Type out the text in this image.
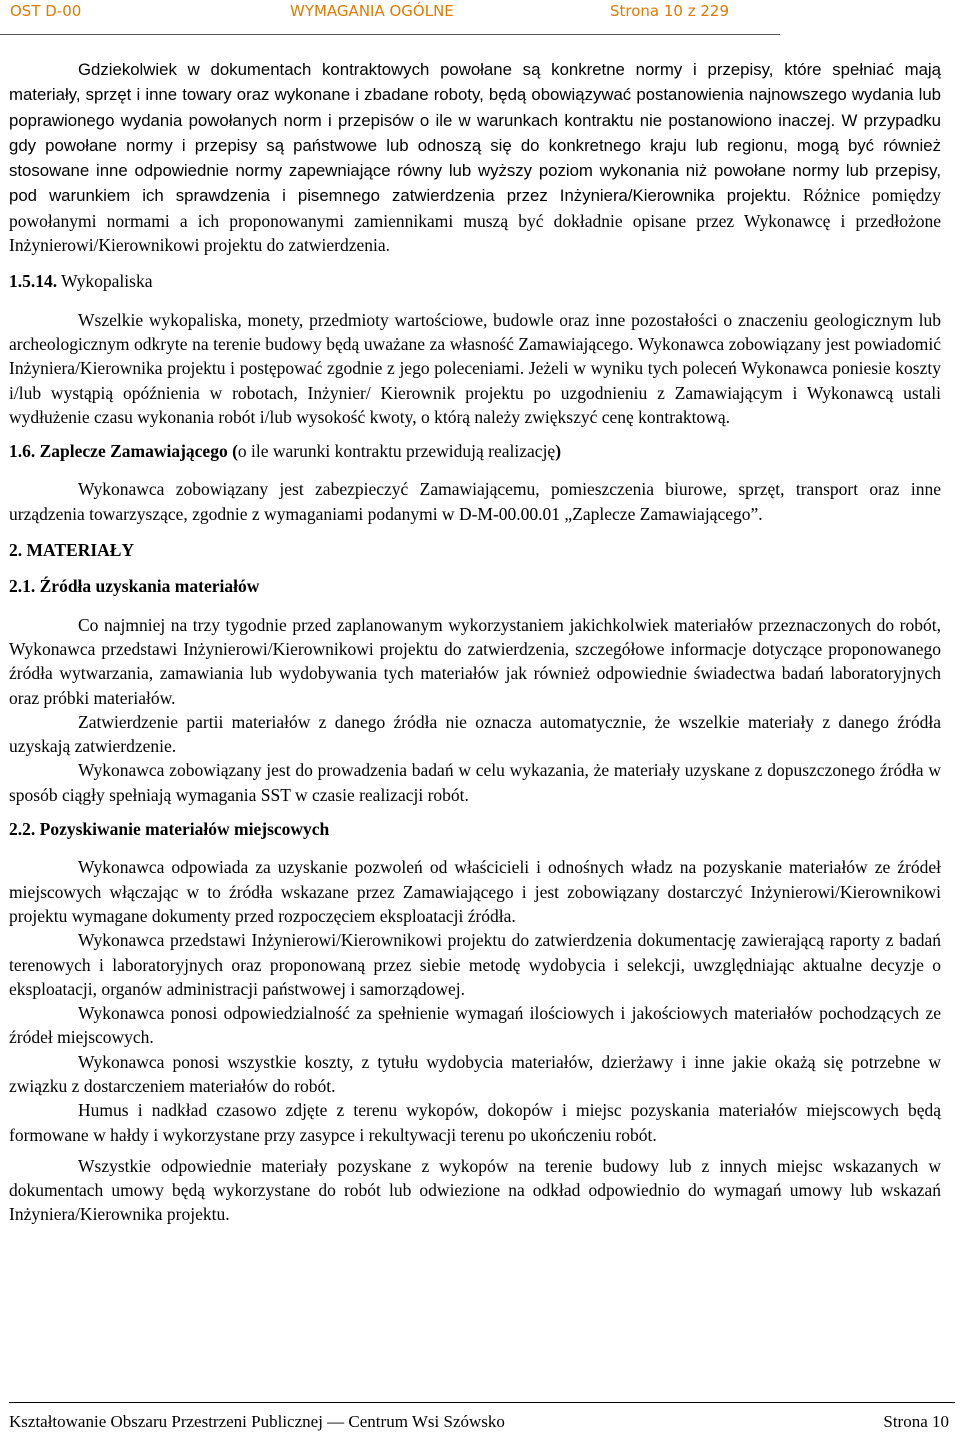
OST D-00	WYMAGANIA OGÓLNE	Strona 10 z 229

Gdziekolwiek w dokumentach kontraktowych powołane są konkretne normy i przepisy, które spełniać mają materiały, sprzęt i inne towary oraz wykonane i zbadane roboty, będą obowiązywać postanowienia najnowszego wydania lub poprawionego wydania powołanych norm i przepisów o ile w warunkach kontraktu nie postanowiono inaczej. W przypadku gdy powołane normy i przepisy są państwowe lub odnoszą się do konkretnego kraju lub regionu, mogą być również stosowane inne odpowiednie normy zapewniające równy lub wyższy poziom wykonania niż powołane normy lub przepisy, pod warunkiem ich sprawdzenia i pisemnego zatwierdzenia przez Inżyniera/Kierownika projektu. Różnice pomiędzy powołanymi normami a ich proponowanymi zamiennikami muszą być dokładnie opisane przez Wykonawcę i przedłożone Inżynierowi/Kierownikowi projektu do zatwierdzenia.

1.5.14. Wykopaliska

Wszelkie wykopaliska, monety, przedmioty wartościowe, budowle oraz inne pozostałości o znaczeniu geologicznym lub archeologicznym odkryte na terenie budowy będą uważane za własność Zamawiającego. Wykonawca zobowiązany jest powiadomić Inżyniera/Kierownika projektu i postępować zgodnie z jego poleceniami. Jeżeli w wyniku tych poleceń Wykonawca poniesie koszty i/lub wystąpią opóźnienia w robotach, Inżynier/ Kierownik projektu po uzgodnieniu z Zamawiającym i Wykonawcą ustali wydłużenie czasu wykonania robót i/lub wysokość kwoty, o którą należy zwiększyć cenę kontraktową.

1.6. Zaplecze Zamawiającego (o ile warunki kontraktu przewidują realizację)

Wykonawca zobowiązany jest zabezpieczyć Zamawiającemu, pomieszczenia biurowe, sprzęt, transport oraz inne urządzenia towarzyszące, zgodnie z wymaganiami podanymi w D-M-00.00.01 „Zaplecze Zamawiającego”.

2. MATERIAŁY

2.1. Źródła uzyskania materiałów

Co najmniej na trzy tygodnie przed zaplanowanym wykorzystaniem jakichkolwiek materiałów przeznaczonych do robót, Wykonawca przedstawi Inżynierowi/Kierownikowi projektu do zatwierdzenia, szczegółowe informacje dotyczące proponowanego źródła wytwarzania, zamawiania lub wydobywania tych materiałów jak również odpowiednie świadectwa badań laboratoryjnych oraz próbki materiałów.

Zatwierdzenie partii materiałów z danego źródła nie oznacza automatycznie, że wszelkie materiały z danego źródła uzyskają zatwierdzenie.

Wykonawca zobowiązany jest do prowadzenia badań w celu wykazania, że materiały uzyskane z dopuszczonego źródła w sposób ciągły spełniają wymagania SST w czasie realizacji robót.

2.2. Pozyskiwanie materiałów miejscowych

Wykonawca odpowiada za uzyskanie pozwoleń od właścicieli i odnośnych władz na pozyskanie materiałów ze źródeł miejscowych włączając w to źródła wskazane przez Zamawiającego i jest zobowiązany dostarczyć Inżynierowi/Kierownikowi projektu wymagane dokumenty przed rozpoczęciem eksploatacji źródła.

Wykonawca przedstawi Inżynierowi/Kierownikowi projektu do zatwierdzenia dokumentację zawierającą raporty z badań terenowych i laboratoryjnych oraz proponowaną przez siebie metodę wydobycia i selekcji, uwzględniając aktualne decyzje o eksploatacji, organów administracji państwowej i samorządowej.

Wykonawca ponosi odpowiedzialność za spełnienie wymagań ilościowych i jakościowych materiałów pochodzących ze źródeł miejscowych.

Wykonawca ponosi wszystkie koszty, z tytułu wydobycia materiałów, dzierżawy i inne jakie okażą się potrzebne w związku z dostarczeniem materiałów do robót.

Humus i nadkład czasowo zdjęte z terenu wykopów, dokopów i miejsc pozyskania materiałów miejscowych będą formowane w hałdy i wykorzystane przy zasypce i rekultywacji terenu po ukończeniu robót.

Wszystkie odpowiednie materiały pozyskane z wykopów na terenie budowy lub z innych miejsc wskazanych w dokumentach umowy będą wykorzystane do robót lub odwiezione na odkład odpowiednio do wymagań umowy lub wskazań Inżyniera/Kierownika projektu.

Kształtowanie Obszaru Przestrzeni Publicznej — Centrum Wsi Szówsko	Strona 10
